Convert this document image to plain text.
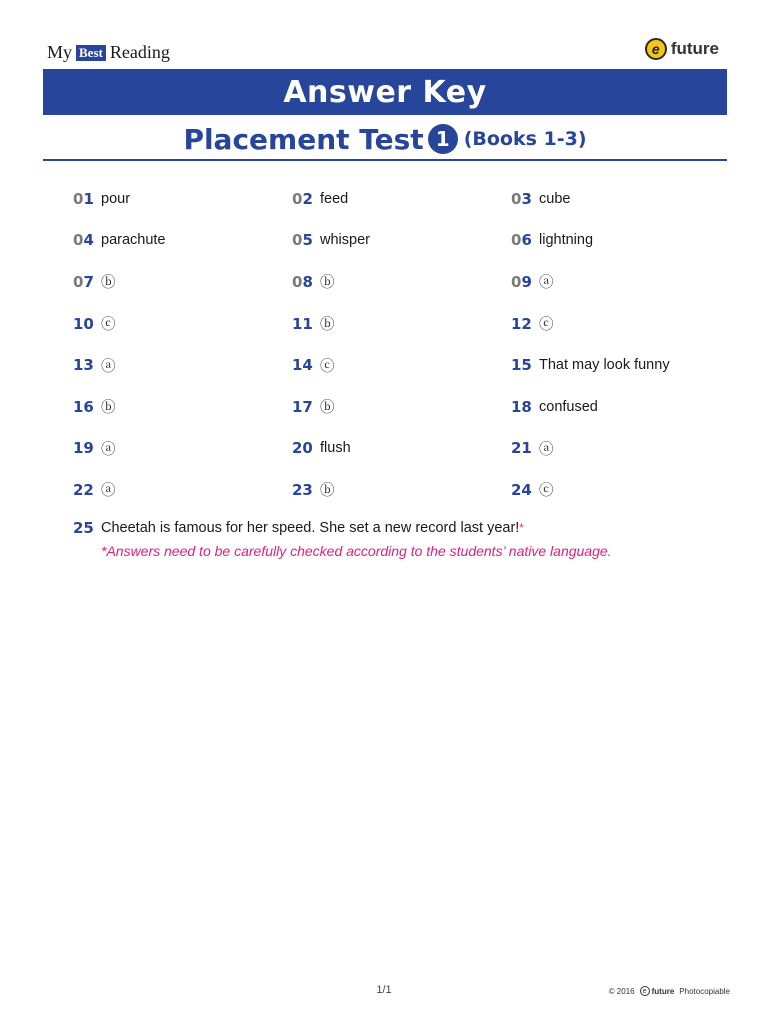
My Best Reading	e future
Answer Key
Placement Test 1 (Books 1-3)
01 pour	02 feed	03 cube
04 parachute	05 whisper	06 lightning
07 ⓑ	08 ⓑ	09 ⓐ
10 ⓒ	11 ⓑ	12 ⓒ
13 ⓐ	14 ⓒ	15 That may look funny
16 ⓑ	17 ⓑ	18 confused
19 ⓐ	20 flush	21 ⓐ
22 ⓐ	23 ⓑ	24 ⓒ
25 Cheetah is famous for her speed. She set a new record last year! *
*Answers need to be carefully checked according to the students’ native language.
1/1	© 2016	e future Photocopiable
